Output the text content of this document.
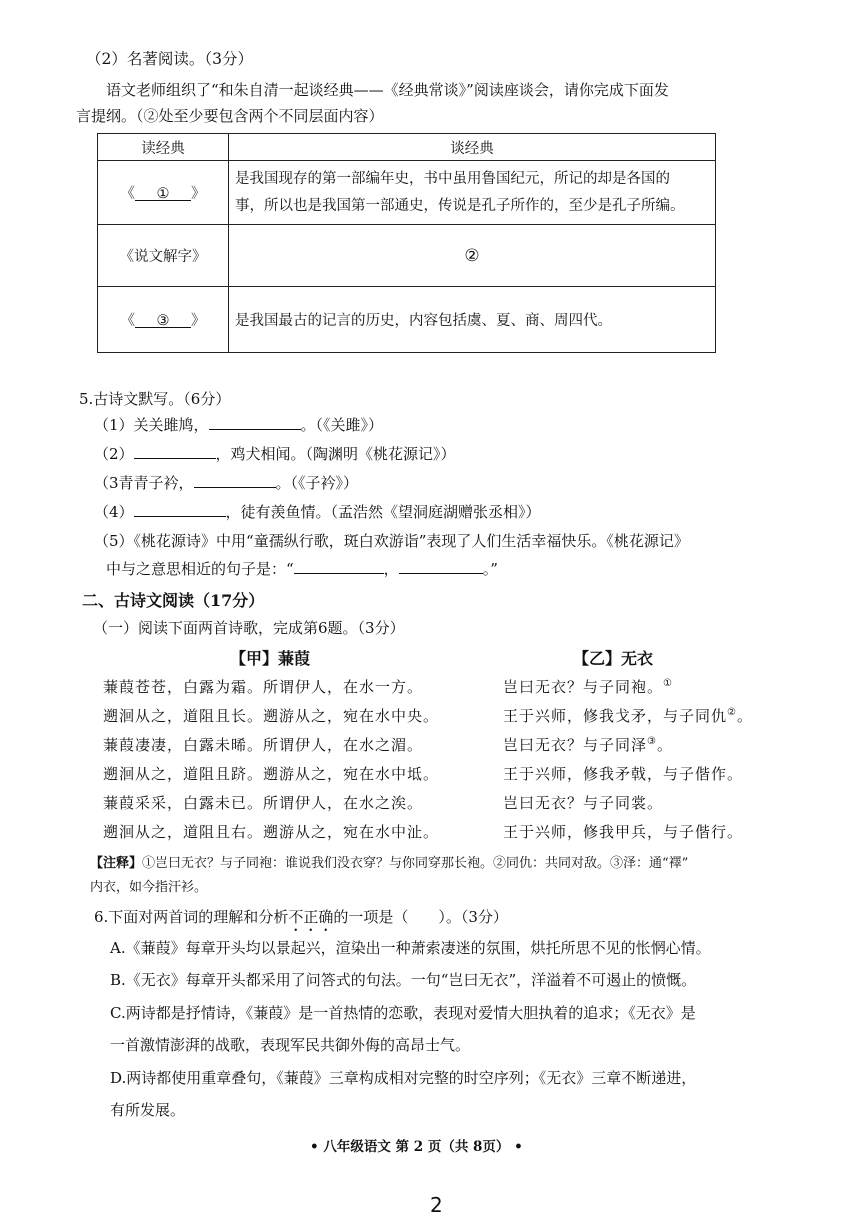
（2）名著阅读。（3分）
语文老师组织了“和朱自清一起谈经典——《经典常谈》”阅读座谈会，请你完成下面发
言提纲。（②处至少要包含两个不同层面内容）
读经典	谈经典
《 ① 》	是我国现存的第一部编年史，书中虽用鲁国纪元，所记的却是各国的
事，所以也是我国第一部通史，传说是孔子所作的，至少是孔子所编。

《说文解字》	②
《 ③ 》	是我国最古的记言的历史，内容包括虞、夏、商、周四代。
5.古诗文默写。（6分）
（1）关关雎鸠，	。（《关雎》）
（2）	，鸡犬相闻。（陶渊明《桃花源记》）
（3青青子衿，	。（《子衿》）
（4）	，徒有羡鱼情。（孟浩然《望洞庭湖赠张丞相》）
（5）《桃花源诗》中用“童孺纵行歌，斑白欢游诣”表现了人们生活幸福快乐。《桃花源记》
中与之意思相近的句子是：“	，	。”
二、古诗文阅读（17分）
（一）阅读下面两首诗歌，完成第6题。（3分）
【甲】蒹葭	【乙】无衣
蒹葭苍苍，白露为霜。所谓伊人，在水一方。
遡洄从之，道阻且长。遡游从之，宛在水中央。
蒹葭凄凄，白露未晞。所谓伊人，在水之湄。
遡洄从之，道阻且跻。遡游从之，宛在水中坻。
蒹葭采采，白露未已。所谓伊人，在水之涘。
遡洄从之，道阻且右。遡游从之，宛在水中沚。
岂曰无衣？与子同袍。①
王于兴师，修我戈矛，与子同仇②。
岂曰无衣？与子同泽③。
王于兴师，修我矛戟，与子偕作。
岂曰无衣？与子同裳。
王于兴师，修我甲兵，与子偕行。
【注释】①岂曰无衣？与子同袍：谁说我们没衣穿？与你同穿那长袍。②同仇：共同对敌。③泽：通“襗”
内衣，如今指汗衫。
6.下面对两首词的理解和分析不正确的一项是（　　）。（3分）
A.《蒹葭》每章开头均以景起兴，渲染出一种萧索凄迷的氛围，烘托所思不见的怅惘心情。
B.《无衣》每章开头都采用了问答式的句法。一句“岂曰无衣”，洋溢着不可遏止的愤慨。
C.两诗都是抒情诗，《蒹葭》是一首热情的恋歌，表现对爱情大胆执着的追求；《无衣》是
一首激情澎湃的战歌，表现军民共御外侮的高昂士气。
D.两诗都使用重章叠句，《蒹葭》三章构成相对完整的时空序列；《无衣》三章不断递进，
有所发展。
• 八年级语文 第 2 页（共 8页） •
2
